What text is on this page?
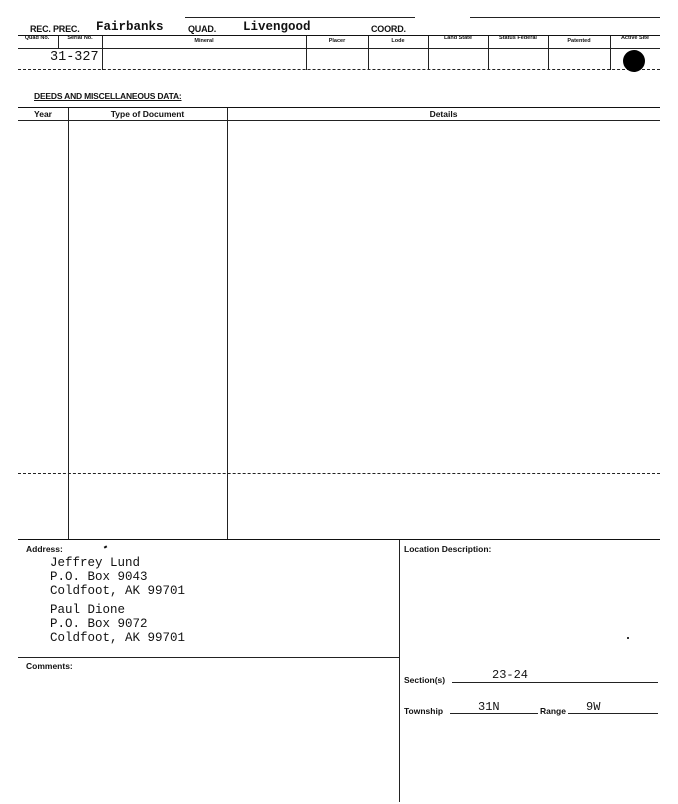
REC. PREC. Fairbanks	QUAD. Livengood	COORD.
Quad No.	Serial No.	Mineral	Placer	Lode	Land State	Status Federal	Patented	Active Site
31-327
DEEDS AND MISCELLANEOUS DATA:
Year	Type of Document	Details
Address:
Jeffrey Lund
P.O. Box 9043
Coldfoot, AK 99701
Paul Dione
P.O. Box 9072
Coldfoot, AK 99701
Comments:
Location Description:
Section(s)	23-24
Township	31N	Range 9W
